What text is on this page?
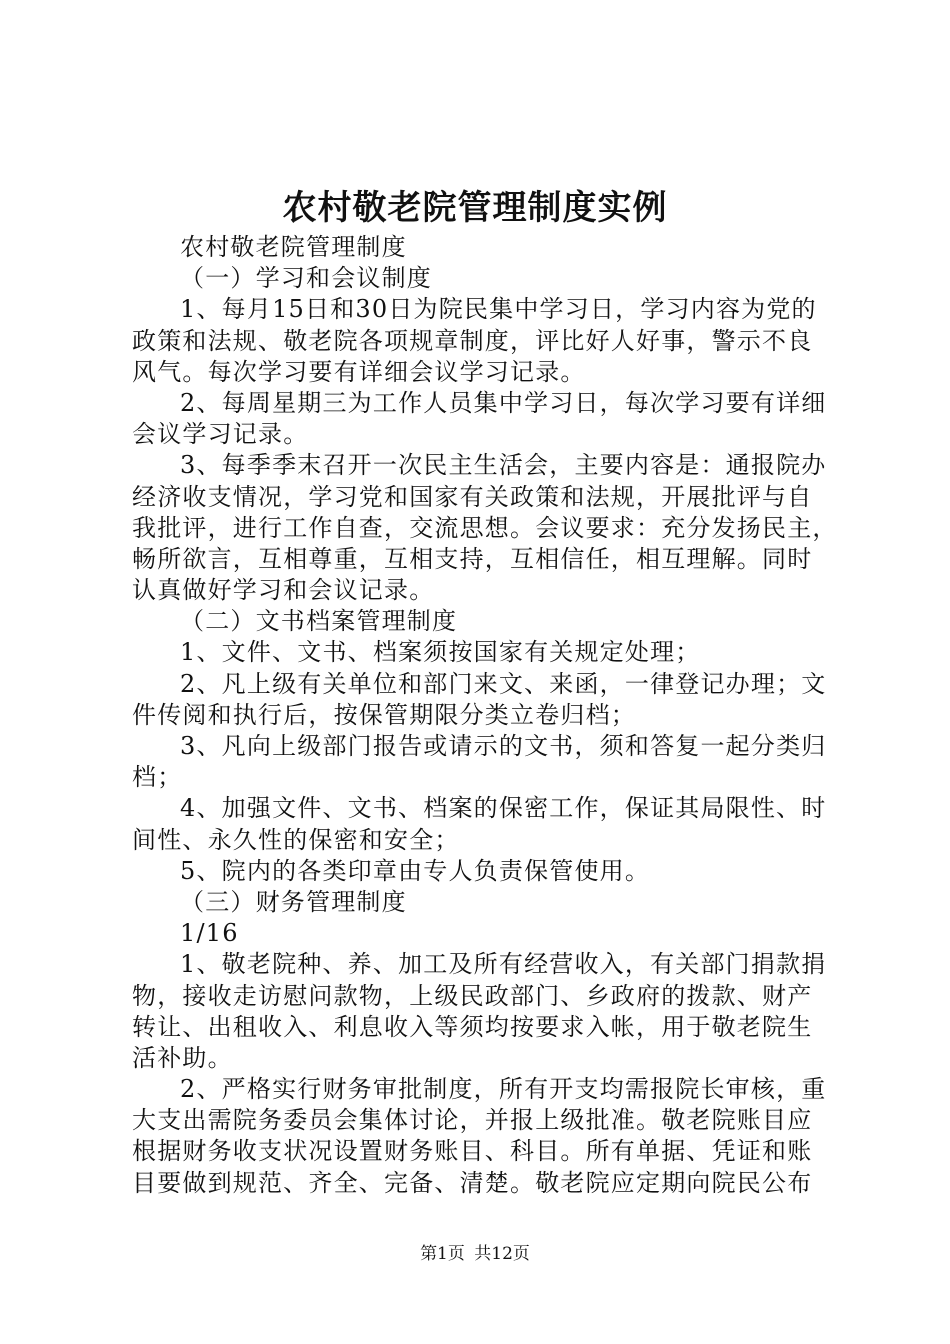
农村敬老院管理制度实例
农村敬老院管理制度
（一）学习和会议制度
1、每月15日和30日为院民集中学习日，学习内容为党的
政策和法规、敬老院各项规章制度，评比好人好事，警示不良
风气。每次学习要有详细会议学习记录。
2、每周星期三为工作人员集中学习日，每次学习要有详细
会议学习记录。
3、每季季末召开一次民主生活会，主要内容是：通报院办
经济收支情况，学习党和国家有关政策和法规，开展批评与自
我批评，进行工作自查，交流思想。会议要求：充分发扬民主，
畅所欲言，互相尊重，互相支持，互相信任，相互理解。同时
认真做好学习和会议记录。
（二）文书档案管理制度
1、文件、文书、档案须按国家有关规定处理；
2、凡上级有关单位和部门来文、来函，一律登记办理；文
件传阅和执行后，按保管期限分类立卷归档；
3、凡向上级部门报告或请示的文书，须和答复一起分类归
档；
4、加强文件、文书、档案的保密工作，保证其局限性、时
间性、永久性的保密和安全；
5、院内的各类印章由专人负责保管使用。
（三）财务管理制度
1/16
1、敬老院种、养、加工及所有经营收入，有关部门捐款捐
物，接收走访慰问款物，上级民政部门、乡政府的拨款、财产
转让、出租收入、利息收入等须均按要求入帐，用于敬老院生
活补助。
2、严格实行财务审批制度，所有开支均需报院长审核，重
大支出需院务委员会集体讨论，并报上级批准。敬老院账目应
根据财务收支状况设置财务账目、科目。所有单据、凭证和账
目要做到规范、齐全、完备、清楚。敬老院应定期向院民公布
第1页 共12页
